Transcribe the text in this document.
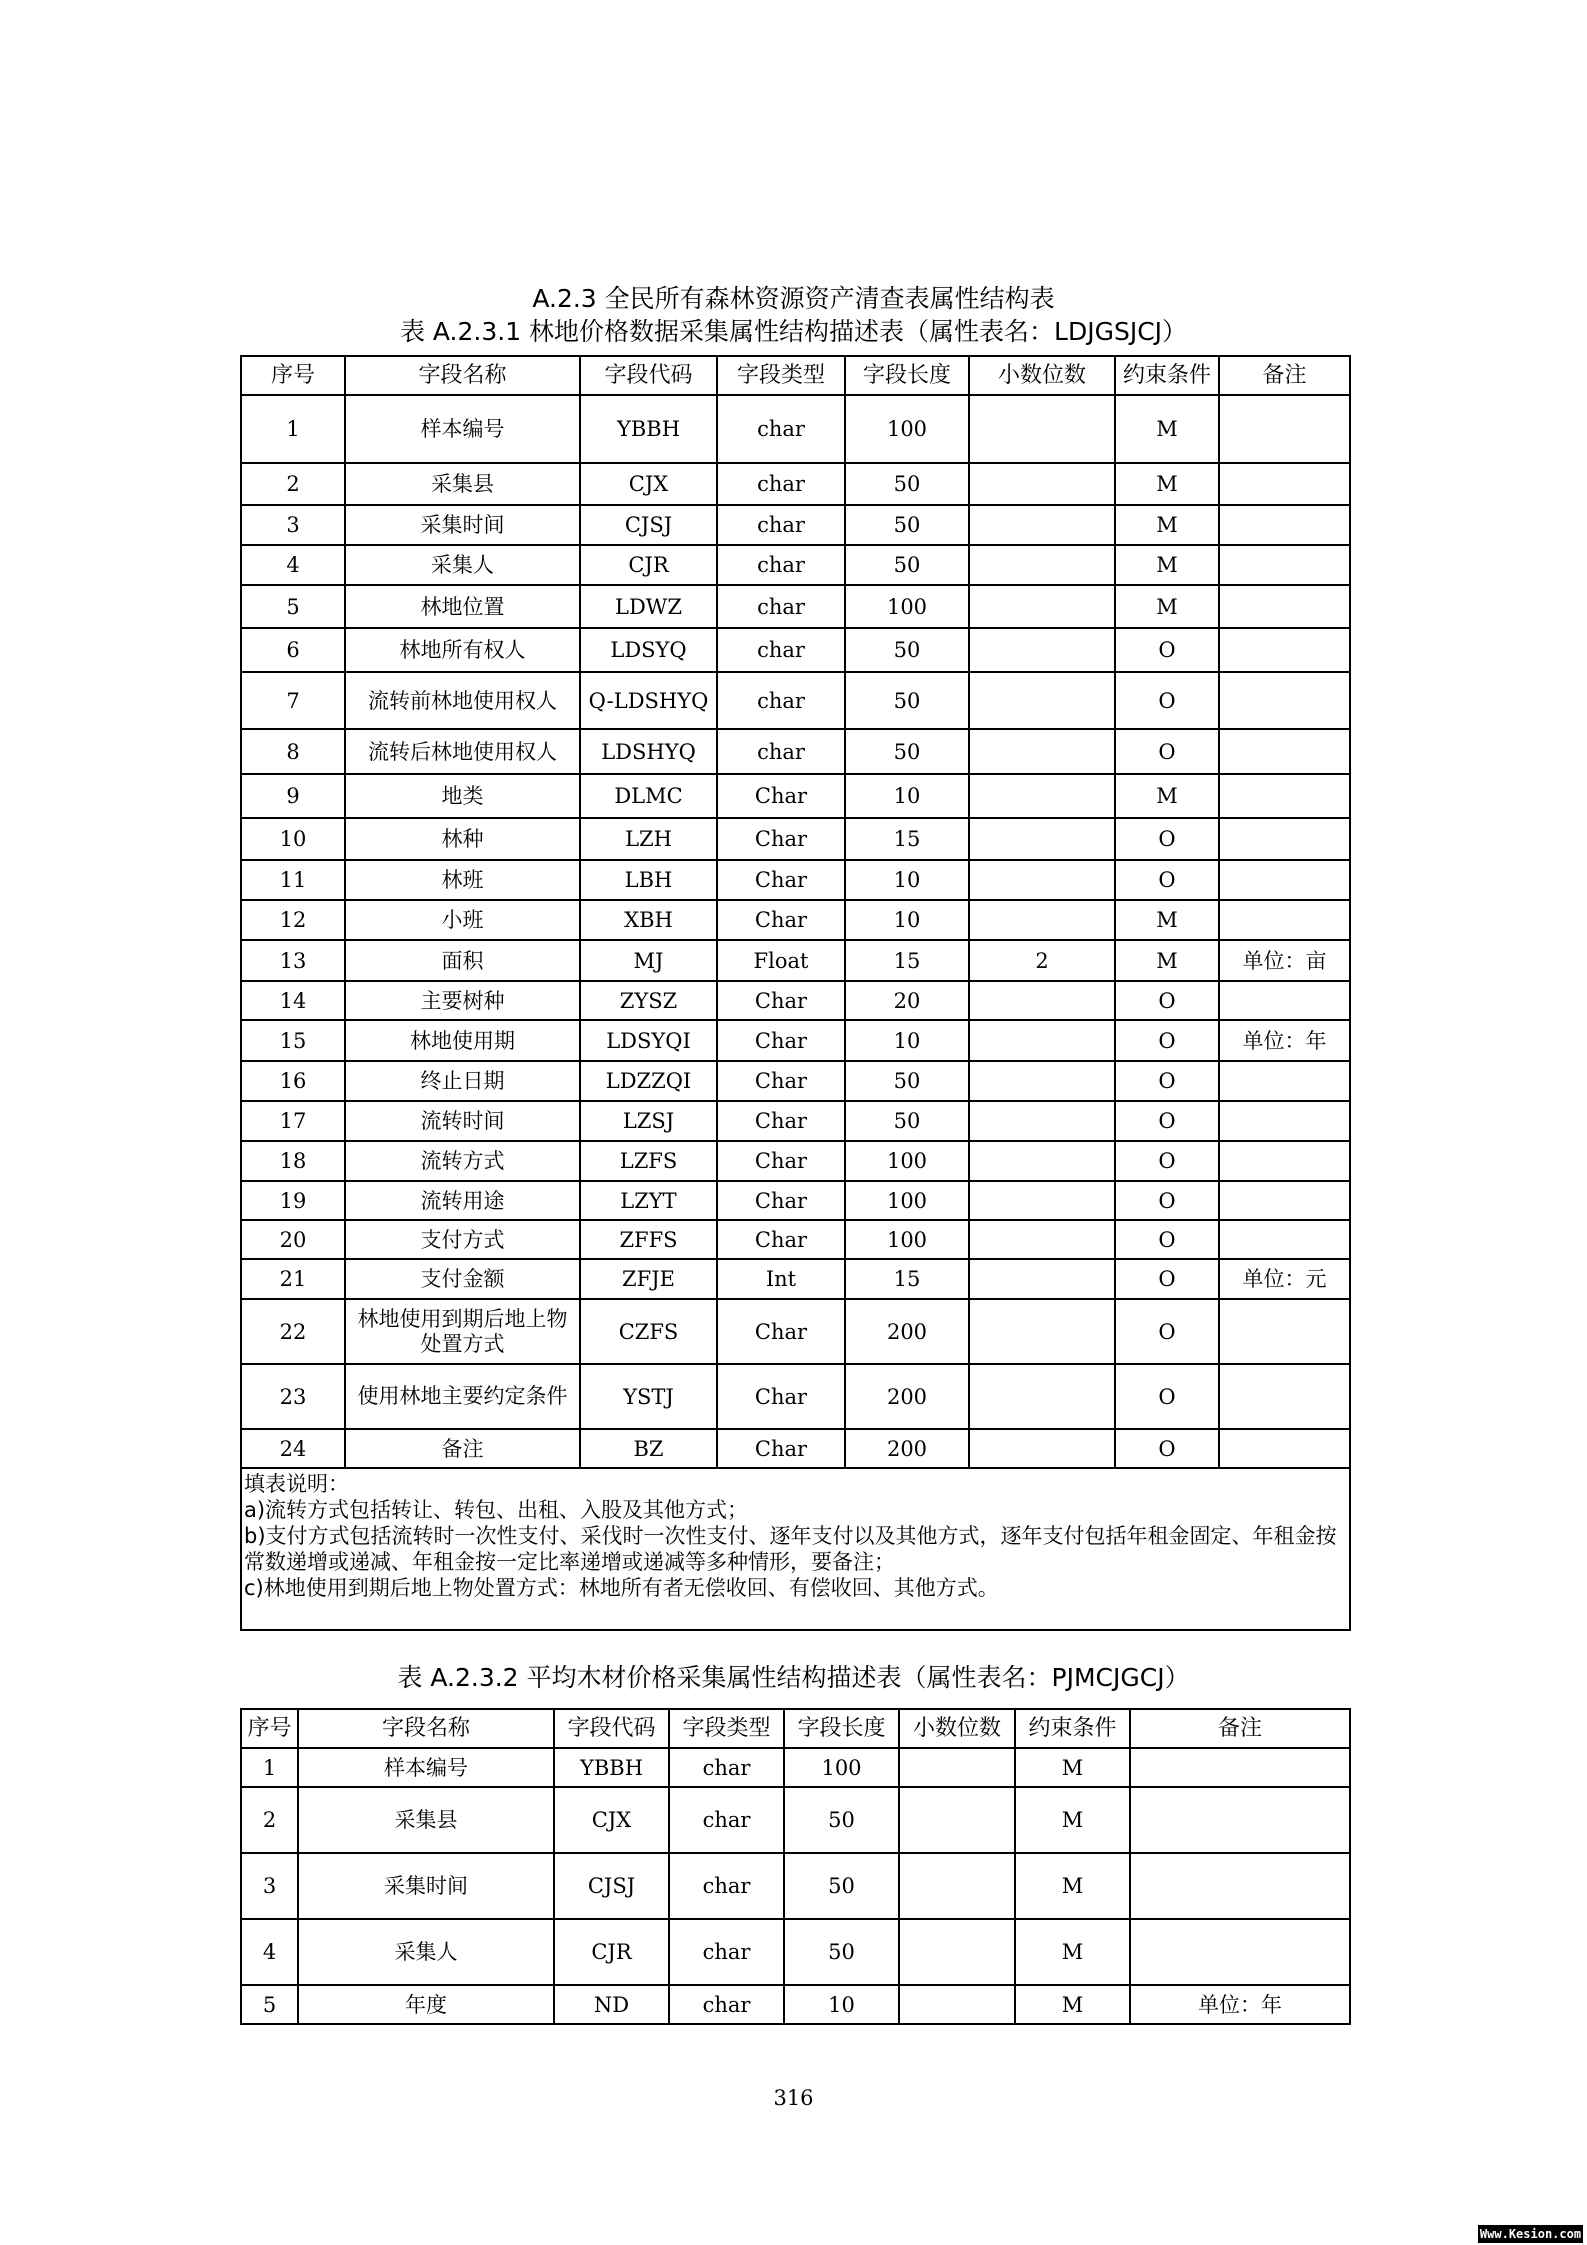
A.2.3 全民所有森林资源资产清查表属性结构表
表 A.2.3.1 林地价格数据采集属性结构描述表（属性表名：LDJGSJCJ）
序号	字段名称	字段代码	字段类型	字段长度	小数位数	约束条件	备注
1	样本编号	YBBH	char	100		M	
2	采集县	CJX	char	50		M	
3	采集时间	CJSJ	char	50		M	
4	采集人	CJR	char	50		M	
5	林地位置	LDWZ	char	100		M	
6	林地所有权人	LDSYQ	char	50		O	
7	流转前林地使用权人	Q-LDSHYQ	char	50		O	
8	流转后林地使用权人	LDSHYQ	char	50		O	
9	地类	DLMC	Char	10		M	
10	林种	LZH	Char	15		O	
11	林班	LBH	Char	10		O	
12	小班	XBH	Char	10		M	
13	面积	MJ	Float	15	2	M	单位：亩
14	主要树种	ZYSZ	Char	20		O	
15	林地使用期	LDSYQI	Char	10		O	单位：年
16	终止日期	LDZZQI	Char	50		O	
17	流转时间	LZSJ	Char	50		O	
18	流转方式	LZFS	Char	100		O	
19	流转用途	LZYT	Char	100		O	
20	支付方式	ZFFS	Char	100		O	
21	支付金额	ZFJE	Int	15		O	单位：元
22	林地使用到期后地上物处置方式	CZFS	Char	200		O	
23	使用林地主要约定条件	YSTJ	Char	200		O	
24	备注	BZ	Char	200		O	

填表说明：
a)流转方式包括转让、转包、出租、入股及其他方式；
b)支付方式包括流转时一次性支付、采伐时一次性支付、逐年支付以及其他方式，逐年支付包括年租金固定、年租金按常数递增或递减、年租金按一定比率递增或递减等多种情形，要备注；
c)林地使用到期后地上物处置方式：林地所有者无偿收回、有偿收回、其他方式。							
表 A.2.3.2 平均木材价格采集属性结构描述表（属性表名：PJMCJGCJ）
序号	字段名称	字段代码	字段类型	字段长度	小数位数	约束条件	备注
1	样本编号	YBBH	char	100		M	
2	采集县	CJX	char	50		M	
3	采集时间	CJSJ	char	50		M	
4	采集人	CJR	char	50		M	
5	年度	ND	char	10		M	单位：年
316
Www.Kesion.com
